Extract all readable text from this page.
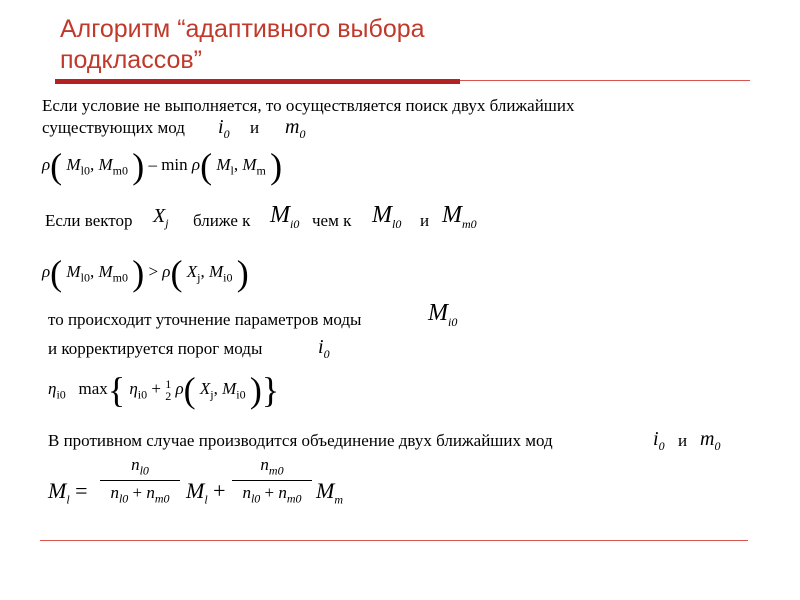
Алгоритм “адаптивного выбора
подклассов”
Если условие не выполняется, то осуществляется поиск двух ближайших
существующих мод $i_0$ и $m_0$
ρ( $M_{l0}$, $M_{m0}$ ) – min ρ( $M_l$, $M_m$ )
Если вектор $X_j$ ближе к $M_{i0}$ чем к $M_{l0}$ и $M_{m0}$
ρ( $M_{l0}$, $M_{m0}$ ) > ρ( $X_j$, $M_{i0}$ )
то происходит уточнение параметров моды	$M_{i0}$
и корректируется порог моды	$i_0$
$\eta_{i0}$ max{ $\eta_{i0} + 1$
2 ρ( $X_j$, $M_{i0}$ )}
В противном случае производится объединение двух ближайших мод	$i_0$ и $m_0$
$M_l$ =
$n_{l0}$
$n_{l0} + n_{m0}$ $M_l$ +
$n_{m0}$
$n_{l0} + n_{m0}$ $M_m$
